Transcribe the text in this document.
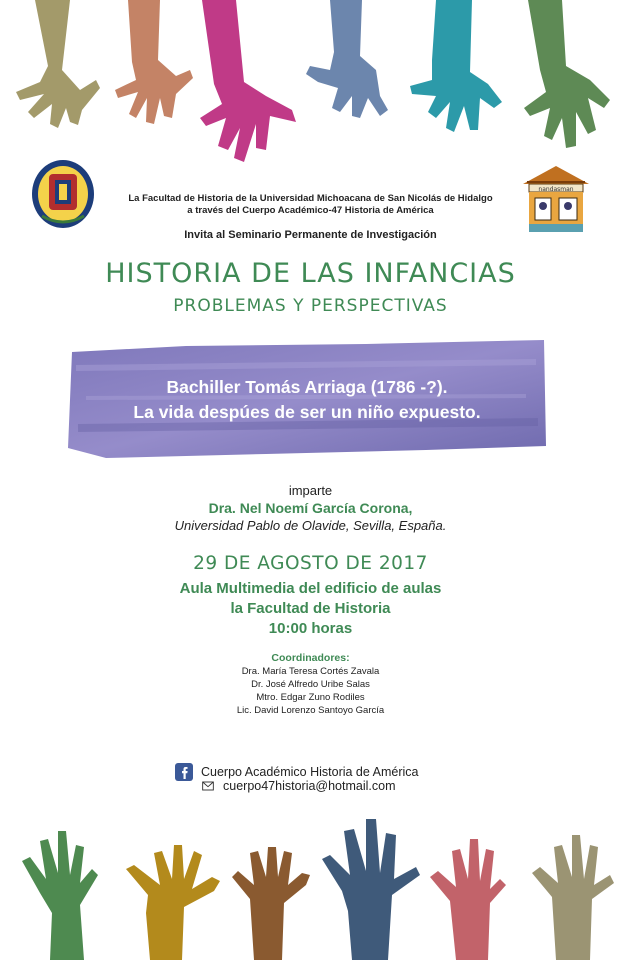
nandasman
La Facultad de Historia de la Universidad Michoacana de San Nicolás de Hidalgo
a través del Cuerpo Académico-47 Historia de América
Invita al Seminario Permanente de Investigación
HISTORIA DE LAS INFANCIAS
PROBLEMAS Y PERSPECTIVAS
Bachiller Tomás Arriaga (1786 -?).
La vida despúes de ser un niño expuesto.
imparte
Dra. Nel Noemí García Corona,
Universidad Pablo de Olavide, Sevilla, España.
29 DE AGOSTO DE 2017
Aula Multimedia del edificio de aulas
la Facultad de Historia
10:00 horas
Coordinadores:
Dra. María Teresa Cortés Zavala
Dr. José Alfredo Uribe Salas
Mtro. Edgar Zuno Rodiles
Lic. David Lorenzo Santoyo García
Cuerpo Académico Historia de América
cuerpo47historia@hotmail.com
